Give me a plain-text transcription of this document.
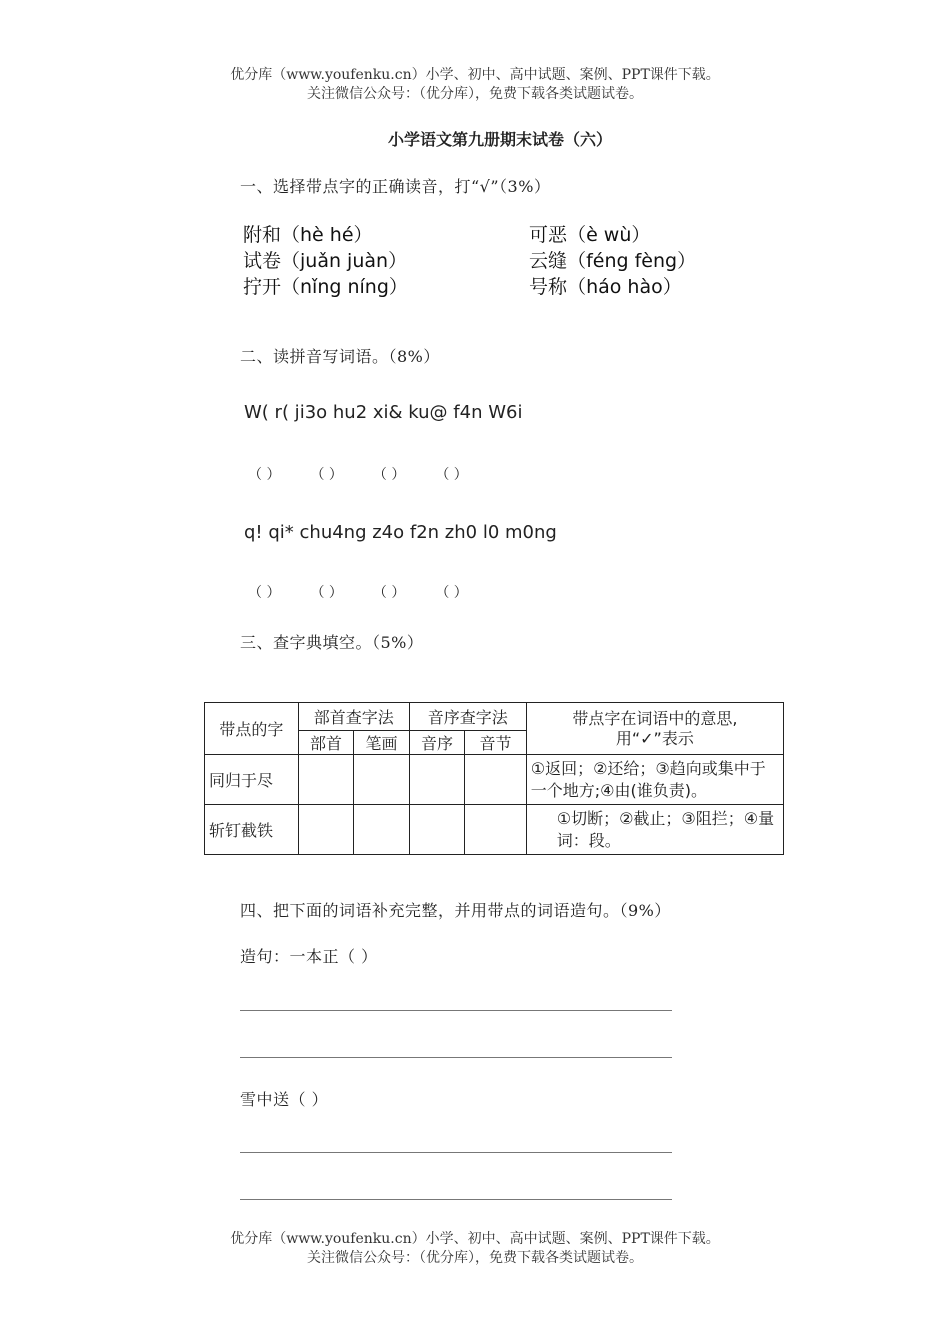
优分库（www.youfenku.cn）小学、初中、高中试题、案例、PPT课件下载。
关注微信公众号：（优分库），免费下载各类试题试卷。
小学语文第九册期末试卷（六）
一、选择带点字的正确读音，打“√”（3%）
附和（hè hé）	可恶（è wù）
试卷（juǎn juàn）	云缝（féng fèng）
拧开（nǐng níng）	号称（háo hào）
二、读拼音写词语。（8%）
W( r( ji3o hu2 xi& ku@ f4n W6i
（ ） （ ） （ ） （ ）
q! qi* chu4ng z4o f2n zh0 l0 m0ng
（ ） （ ） （ ） （ ）
三、查字典填空。（5%）
带点的字	部首查字法		音序查字法		带点字在词语中的意思,
用“✓”表示

	部首	笔画	音序	音节	
同归于尽					①返回；②还给；③趋向或集中于一个地方;④由(谁负责)。
斩钉截铁					①切断；②截止；③阻拦；④量词：段。
四、把下面的词语补充完整，并用带点的词语造句。（9%）
造句：一本正（ ）
雪中送（ ）
优分库（www.youfenku.cn）小学、初中、高中试题、案例、PPT课件下载。
关注微信公众号：（优分库），免费下载各类试题试卷。
